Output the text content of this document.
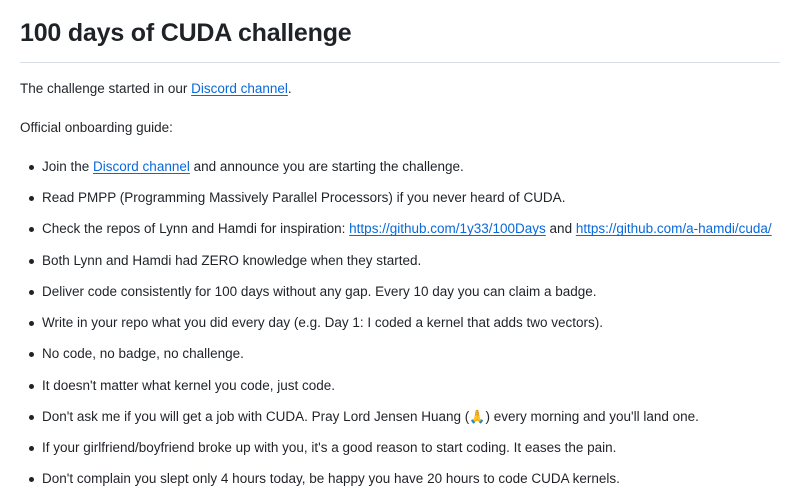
100 days of CUDA challenge

The challenge started in our Discord channel.

Official onboarding guide:

Join the Discord channel and announce you are starting the challenge.
Read PMPP (Programming Massively Parallel Processors) if you never heard of CUDA.
Check the repos of Lynn and Hamdi for inspiration: https://github.com/1y33/100Days and https://github.com/a-hamdi/cuda/
Both Lynn and Hamdi had ZERO knowledge when they started.
Deliver code consistently for 100 days without any gap. Every 10 day you can claim a badge.
Write in your repo what you did every day (e.g. Day 1: I coded a kernel that adds two vectors).
No code, no badge, no challenge.
It doesn't matter what kernel you code, just code.
Don't ask me if you will get a job with CUDA. Pray Lord Jensen Huang (🙏) every morning and you'll land one.
If your girlfriend/boyfriend broke up with you, it's a good reason to start coding. It eases the pain.
Don't complain you slept only 4 hours today, be happy you have 20 hours to code CUDA kernels.
